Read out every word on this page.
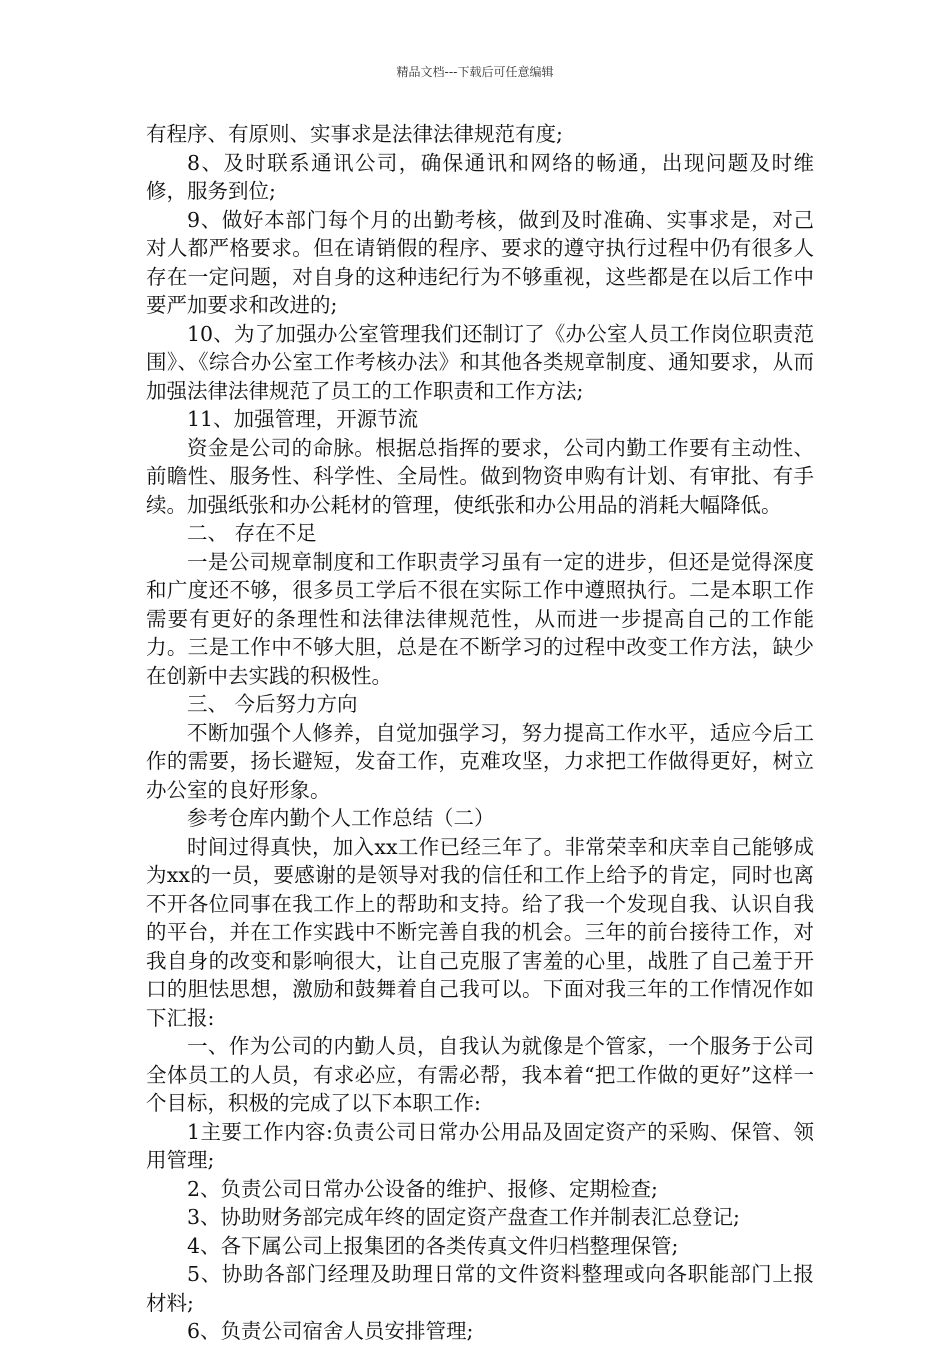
精品文档---下载后可任意编辑

有程序、有原则、实事求是法律法律规范有度;

8、及时联系通讯公司，确保通讯和网络的畅通，出现问题及时维修，服务到位;

9、做好本部门每个月的出勤考核，做到及时准确、实事求是，对己对人都严格要求。但在请销假的程序、要求的遵守执行过程中仍有很多人存在一定问题，对自身的这种违纪行为不够重视，这些都是在以后工作中要严加要求和改进的;

10、为了加强办公室管理我们还制订了《办公室人员工作岗位职责范围》、《综合办公室工作考核办法》和其他各类规章制度、通知要求，从而加强法律法律规范了员工的工作职责和工作方法;

11、加强管理，开源节流

资金是公司的命脉。根据总指挥的要求，公司内勤工作要有主动性、前瞻性、服务性、科学性、全局性。做到物资申购有计划、有审批、有手续。加强纸张和办公耗材的管理，使纸张和办公用品的消耗大幅降低。

二、 存在不足

一是公司规章制度和工作职责学习虽有一定的进步，但还是觉得深度和广度还不够，很多员工学后不很在实际工作中遵照执行。二是本职工作需要有更好的条理性和法律法律规范性，从而进一步提高自己的工作能力。三是工作中不够大胆，总是在不断学习的过程中改变工作方法，缺少在创新中去实践的积极性。

三、 今后努力方向

不断加强个人修养，自觉加强学习，努力提高工作水平，适应今后工作的需要，扬长避短，发奋工作，克难攻坚，力求把工作做得更好，树立办公室的良好形象。

参考仓库内勤个人工作总结（二）

时间过得真快，加入xx工作已经三年了。非常荣幸和庆幸自己能够成为xx的一员，要感谢的是领导对我的信任和工作上给予的肯定，同时也离不开各位同事在我工作上的帮助和支持。给了我一个发现自我、认识自我的平台，并在工作实践中不断完善自我的机会。三年的前台接待工作，对我自身的改变和影响很大，让自己克服了害羞的心里，战胜了自己羞于开口的胆怯思想，激励和鼓舞着自己我可以。下面对我三年的工作情况作如下汇报:

一、作为公司的内勤人员，自我认为就像是个管家，一个服务于公司全体员工的人员，有求必应，有需必帮，我本着“把工作做的更好”这样一个目标，积极的完成了以下本职工作:

1主要工作内容:负责公司日常办公用品及固定资产的采购、保管、领用管理;

2、负责公司日常办公设备的维护、报修、定期检查;

3、协助财务部完成年终的固定资产盘查工作并制表汇总登记;

4、各下属公司上报集团的各类传真文件归档整理保管;

5、协助各部门经理及助理日常的文件资料整理或向各职能部门上报材料;

6、负责公司宿舍人员安排管理;
